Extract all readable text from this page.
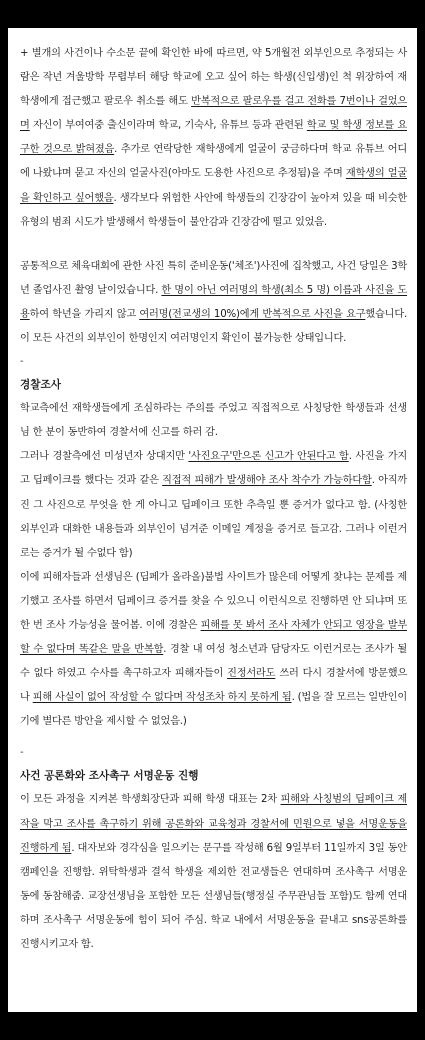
+ 별개의 사건이나 수소문 끝에 확인한 바에 따르면, 약 5개월전 외부인으로 추정되는 사람은 작년 겨울방학 무렵부터 해당 학교에 오고 싶어 하는 학생(신입생)인 척 위장하여 재학생에게 접근했고 팔로우 취소를 해도 반복적으로 팔로우를 걸고 전화를 7번이나 걸었으며 자신이 부여여중 출신이라며 학교, 기숙사, 유튜브 등과 관련된 학교 및 학생 정보를 요구한 것으로 밝혀졌음. 추가로 연락당한 재학생에게 얼굴이 궁금하다며 학교 유튜브 어디에 나왔냐며 묻고 자신의 얼굴사진(아마도 도용한 사진으로 추정됨)을 주며 재학생의 얼굴을 확인하고 싶어했음. 생각보다 위험한 사안에 학생들의 긴장감이 높아져 있을 때 비슷한 유형의 범죄 시도가 발생해서 학생들이 불안감과 긴장감에 떨고 있었음.

공통적으로 체육대회에 관한 사진 특히 준비운동('체조')사진에 집착했고, 사건 당일은 3학년 졸업사진 촬영 날이었습니다. 한 명이 아닌 여러명의 학생(최소 5 명) 이름과 사진을 도용하여 학년을 가리지 않고 여러명(전교생의 10%)에게 반복적으로 사진을 요구했습니다. 이 모든 사건의 외부인이 한명인지 여러명인지 확인이 불가능한 상태입니다.

-

경찰조사

학교측에선 재학생들에게 조심하라는 주의를 주었고 직접적으로 사칭당한 학생들과 선생님 한 분이 동반하여 경찰서에 신고를 하러 감.

그러나 경찰측에선 미성년자 상대지만 '사진요구'만으론 신고가 안된다고 함. 사진을 가지고 딥페이크를 했다는 것과 같은 직접적 피해가 발생해야 조사 착수가 가능하다함. 아직까진 그 사진으로 무엇을 한 게 아니고 딥페이크 또한 추측일 뿐 증거가 없다고 함. (사칭한 외부인과 대화한 내용들과 외부인이 넘겨준 이메일 계정을 증거로 들고감. 그러나 이런거로는 증거가 될 수없다 함)

이에 피해자들과 선생님은 (딥페가 올라올)불법 사이트가 많은데 어떻게 찾냐는 문제를 제기했고 조사를 하면서 딥페이크 증거를 찾을 수 있으니 이런식으로 진행하면 안 되냐며 또 한 번 조사 가능성을 물어봄. 이에 경찰은 피해를 못 봐서 조사 자체가 안되고 영장을 발부할 수 없다며 똑같은 말을 반복함. 경찰 내 여성 청소년과 담당자도 이런거로는 조사가 될 수 없다 하였고 수사를 촉구하고자 피해자들이 진정서라도 쓰러 다시 경찰서에 방문했으나 피해 사실이 없어 작성할 수 없다며 작성조차 하지 못하게 됨. (법을 잘 모르는 일반인이기에 별다른 방안을 제시할 수 없었음.)

-

사건 공론화와 조사촉구 서명운동 진행

이 모든 과정을 지켜본 학생회장단과 피해 학생 대표는 2차 피해와 사칭범의 딥페이크 제작을 막고 조사를 촉구하기 위해 공론화와 교육청과 경찰서에 민원으로 넣을 서명운동을 진행하게 됨. 대자보와 경각심을 일으키는 문구를 작성해 6월 9일부터 11일까지 3일 동안 캠페인을 진행함. 위탁학생과 결석 학생을 제외한 전교생들은 연대하며 조사촉구 서명운동에 동참해줌. 교장선생님을 포함한 모든 선생님들(행정실 주무관님들 포함)도 함께 연대하며 조사촉구 서명운동에 힘이 되어 주심. 학교 내에서 서명운동을 끝내고 sns공론화를 진행시키고자 함.
